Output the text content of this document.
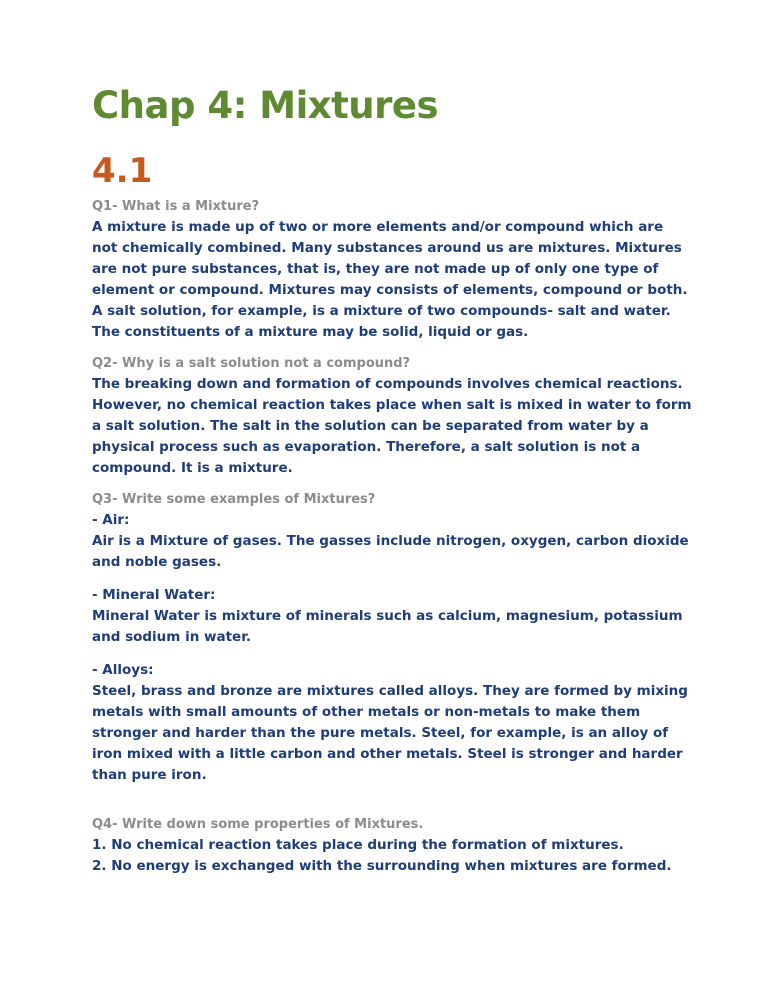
Chap 4: Mixtures
4.1

Q1- What is a Mixture?

A mixture is made up of two or more elements and/or compound which are not chemically combined. Many substances around us are mixtures. Mixtures are not pure substances, that is, they are not made up of only one type of element or compound. Mixtures may consists of elements, compound or both. A salt solution, for example, is a mixture of two compounds- salt and water. The constituents of a mixture may be solid, liquid or gas.

Q2- Why is a salt solution not a compound?

The breaking down and formation of compounds involves chemical reactions. However, no chemical reaction takes place when salt is mixed in water to form a salt solution. The salt in the solution can be separated from water by a physical process such as evaporation. Therefore, a salt solution is not a compound. It is a mixture.

Q3- Write some examples of Mixtures?

- Air:

Air is a Mixture of gases. The gasses include nitrogen, oxygen, carbon dioxide and noble gases.

- Mineral Water:

Mineral Water is mixture of minerals such as calcium, magnesium, potassium and sodium in water.

- Alloys:

Steel, brass and bronze are mixtures called alloys. They are formed by mixing metals with small amounts of other metals or non-metals to make them stronger and harder than the pure metals. Steel, for example, is an alloy of iron mixed with a little carbon and other metals. Steel is stronger and harder than pure iron.

Q4- Write down some properties of Mixtures.

1. No chemical reaction takes place during the formation of mixtures.

2. No energy is exchanged with the surrounding when mixtures are formed.
